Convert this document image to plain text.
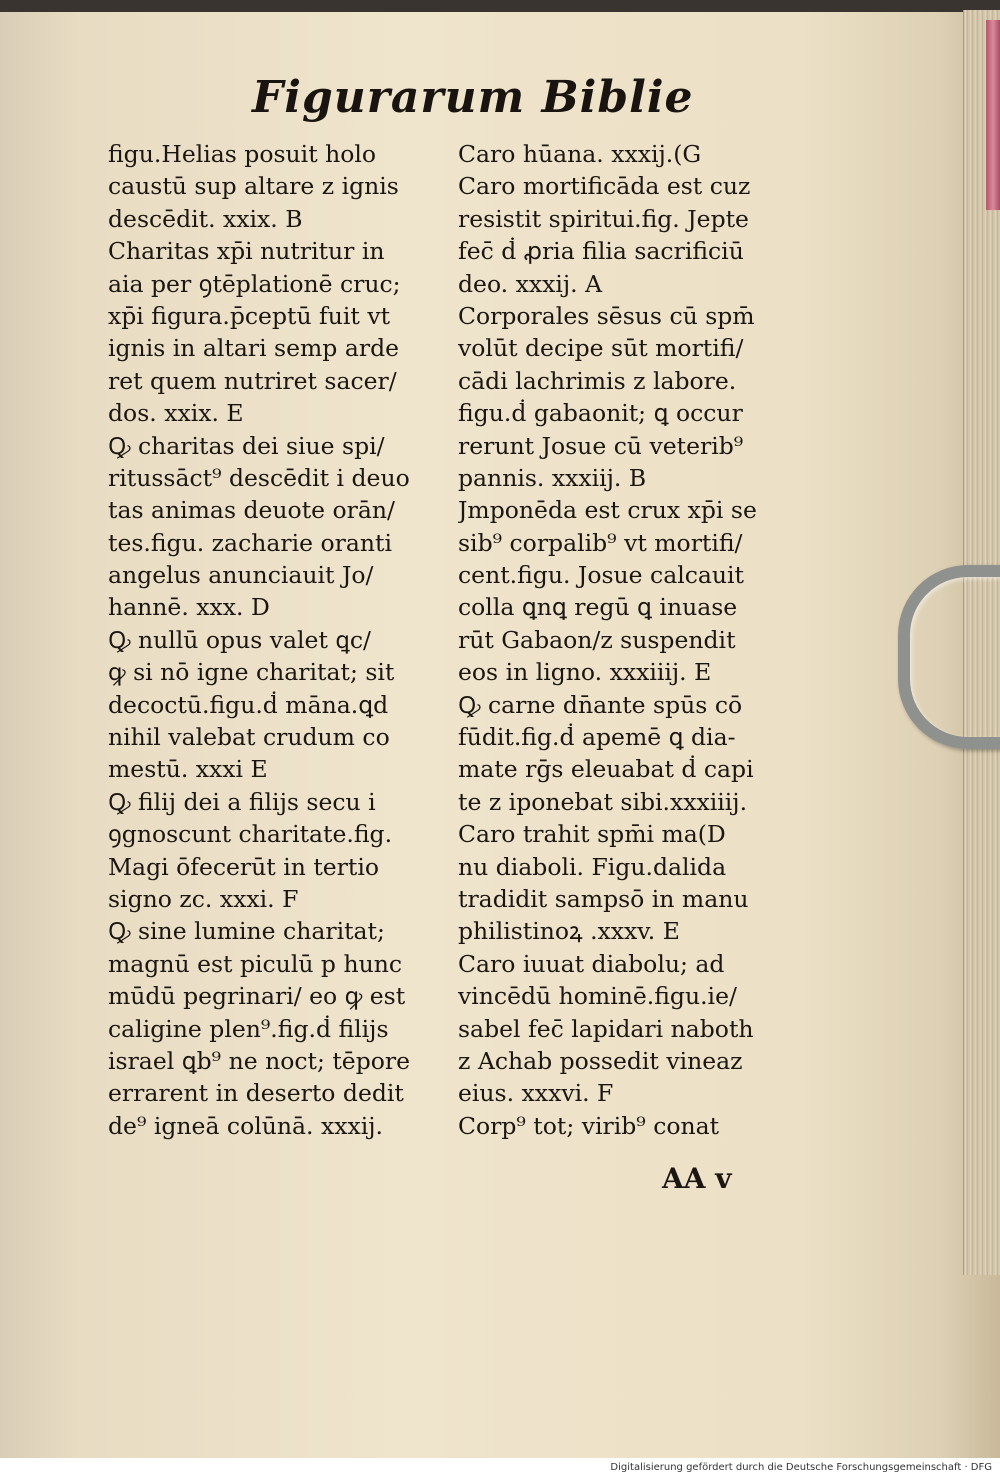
Figurarum Biblie
figu.Helias posuit holo
caustū sup altare z ignis
descēdit. xxix. B
Charitas xp̄i nutritur in
aia per ꝯtēplationē cruc;
xp̄i figura.p̄ceptū fuit vt
ignis in altari semp arde
ret quem nutriret sacer/
dos. xxix. E
Ꝙ charitas dei siue spi/
ritussāct⁹ descēdit i deuo
tas animas deuote orān/
tes.figu. zacharie oranti
angelus anunciauit Jo/
hannē. xxx. D
Ꝙ nullū opus valet ꝗc/
ꝙ si nō igne charitat; sit
decoctū.figu.ḋ māna.ꝗd
nihil valebat crudum co
mestū. xxxi E
Ꝙ filij dei a filijs secu i
ꝯgnoscunt charitate.fig.
Magi ōfecerūt in tertio
signo zc. xxxi. F
Ꝙ sine lumine charitat;
magnū est piculū p hunc
mūdū pegrinari/ eo ꝙ est
caligine plen⁹.fig.ḋ filijs
israel ꝗb⁹ ne noct; tēpore
errarent in deserto dedit
de⁹ igneā colūnā. xxxij.
Caro hūana. xxxij.(G
Caro mortificāda est cuz
resistit spiritui.fig. Jepte
fec̄ ḋ ꝓria filia sacrificiū
deo. xxxij. A
Corporales sēsus cū spm̄
volūt decipe sūt mortifi/
cādi lachrimis z labore.
figu.ḋ gabaonit; ꝗ occur
rerunt Josue cū veterib⁹
pannis. xxxiij. B
Jmponēda est crux xp̄i se
sib⁹ corpalib⁹ vt mortifi/
cent.figu. Josue calcauit
colla ꝗnꝗ regū ꝗ inuase
rūt Gabaon/z suspendit
eos in ligno. xxxiiij. E
Ꝙ carne dn̄ante spūs cō
fūdit.fig.ḋ apemē ꝗ dia-
mate rḡs eleuabat ḋ capi
te z iponebat sibi.xxxiiij.
Caro trahit spm̄i ma(D
nu diaboli. Figu.dalida
tradidit sampsō in manu
philistinoꝝ .xxxv. E
Caro iuuat diabolu; ad
vincēdū hominē.figu.ie/
sabel fec̄ lapidari naboth
z Achab possedit vineaz
eius. xxxvi. F
Corp⁹ tot; virib⁹ conat
AA v
Digitalisierung gefördert durch die Deutsche Forschungsgemeinschaft · DFG
